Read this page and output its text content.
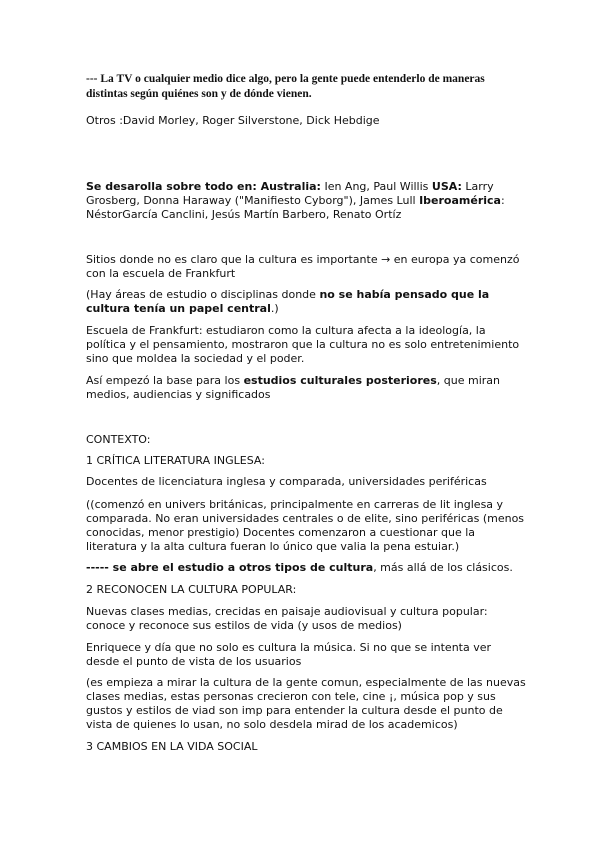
--- La TV o cualquier medio dice algo, pero la gente puede entenderlo de maneras distintas según quiénes son y de dónde vienen.

Otros :David Morley, Roger Silverstone, Dick Hebdige

Se desarolla sobre todo en: Australia: Ien Ang, Paul Willis USA: Larry Grosberg, Donna Haraway ("Manifiesto Cyborg"), James Lull Iberoamérica: NéstorGarcía Canclini, Jesús Martín Barbero, Renato Ortíz

Sitios donde no es claro que la cultura es importante → en europa ya comenzó con la escuela de Frankfurt

(Hay áreas de estudio o disciplinas donde no se había pensado que la cultura tenía un papel central.)

Escuela de Frankfurt: estudiaron como la cultura afecta a la ideología, la política y el pensamiento, mostraron que la cultura no es solo entretenimiento sino que moldea la sociedad y el poder.

Así empezó la base para los estudios culturales posteriores, que miran medios, audiencias y significados

CONTEXTO:

1 CRÍTICA LITERATURA INGLESA:

Docentes de licenciatura inglesa y comparada, universidades periféricas

((comenzó en univers británicas, principalmente en carreras de lit inglesa y comparada. No eran universidades centrales o de elite, sino periféricas (menos conocidas, menor prestigio) Docentes comenzaron a cuestionar que la literatura y la alta cultura fueran lo único que valia la pena estuiar.)

----- se abre el estudio a otros tipos de cultura, más allá de los clásicos.

2 RECONOCEN LA CULTURA POPULAR:

Nuevas clases medias, crecidas en paisaje audiovisual y cultura popular: conoce y reconoce sus estilos de vida (y usos de medios)

Enriquece y día que no solo es cultura la música. Si no que se intenta ver desde el punto de vista de los usuarios

(es empieza a mirar la cultura de la gente comun, especialmente de las nuevas clases medias, estas personas crecieron con tele, cine ¡, música pop y sus gustos y estilos de viad son imp para entender la cultura desde el punto de vista de quienes lo usan, no solo desdela mirad de los academicos)

3 CAMBIOS EN LA VIDA SOCIAL
